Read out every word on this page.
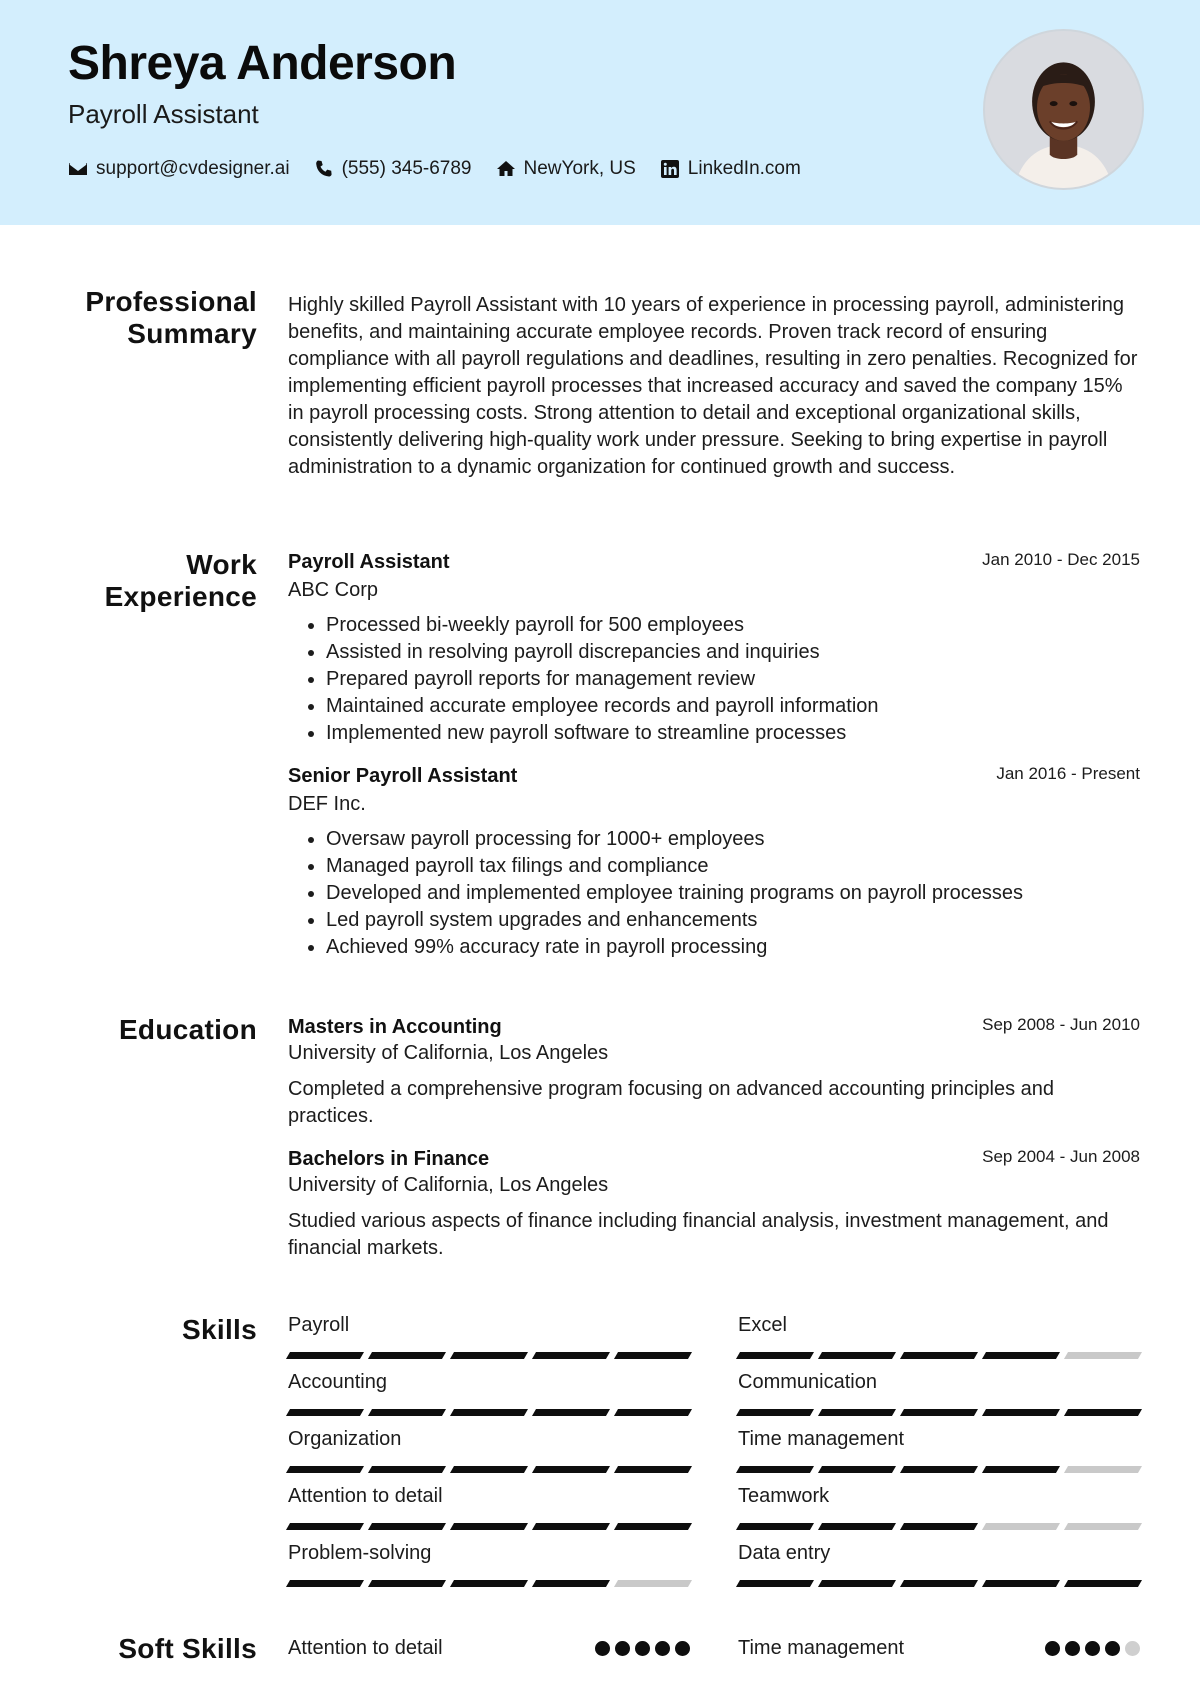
Shreya Anderson
Payroll Assistant
support@cvdesigner.ai	(555) 345-6789	NewYork, US	LinkedIn.com
Professional Summary
Highly skilled Payroll Assistant with 10 years of experience in processing payroll, administering benefits, and maintaining accurate employee records. Proven track record of ensuring compliance with all payroll regulations and deadlines, resulting in zero penalties. Recognized for implementing efficient payroll processes that increased accuracy and saved the company 15% in payroll processing costs. Strong attention to detail and exceptional organizational skills, consistently delivering high-quality work under pressure. Seeking to bring expertise in payroll administration to a dynamic organization for continued growth and success.
Work Experience
Payroll Assistant	Jan 2010 - Dec 2015
ABC Corp
• Processed bi-weekly payroll for 500 employees
• Assisted in resolving payroll discrepancies and inquiries
• Prepared payroll reports for management review
• Maintained accurate employee records and payroll information
• Implemented new payroll software to streamline processes
Senior Payroll Assistant	Jan 2016 - Present
DEF Inc.
• Oversaw payroll processing for 1000+ employees
• Managed payroll tax filings and compliance
• Developed and implemented employee training programs on payroll processes
• Led payroll system upgrades and enhancements
• Achieved 99% accuracy rate in payroll processing
Education Masters in Accounting	Sep 2008 - Jun 2010
University of California, Los Angeles
Completed a comprehensive program focusing on advanced accounting principles and practices.
Bachelors in Finance	Sep 2004 - Jun 2008
University of California, Los Angeles
Studied various aspects of finance including financial analysis, investment management, and financial markets.
Skills Payroll	Excel
Accounting	Communication
Organization	Time management
Attention to detail	Teamwork
Problem-solving	Data entry
Soft Skills Attention to detail	Time management
